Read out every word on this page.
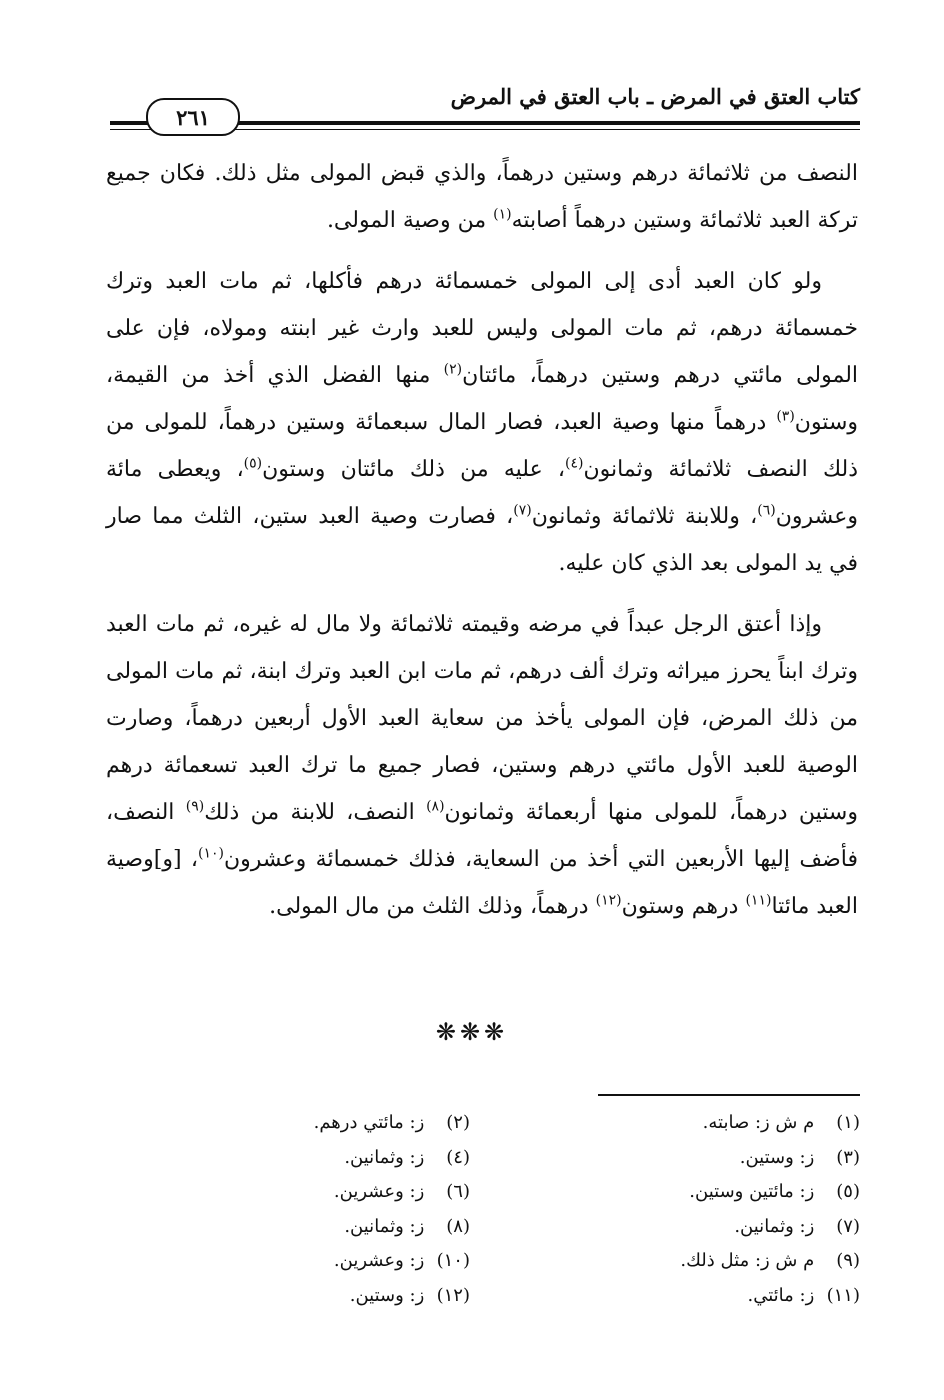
كتاب العتق في المرض ـ باب العتق في المرض
٢٦١

النصف من ثلاثمائة درهم وستين درهماً، والذي قبض المولى مثل ذلك. فكان جميع تركة العبد ثلاثمائة وستين درهماً أصابته$^{(١)}$ من وصية المولى.

ولو كان العبد أدى إلى المولى خمسمائة درهم فأكلها، ثم مات العبد وترك خمسمائة درهم، ثم مات المولى وليس للعبد وارث غير ابنته ومولاه، فإن على المولى مائتي درهم وستين درهماً، مائتان$^{(٢)}$ منها الفضل الذي أخذ من القيمة، وستون$^{(٣)}$ درهماً منها وصية العبد، فصار المال سبعمائة وستين درهماً، للمولى من ذلك النصف ثلاثمائة وثمانون$^{(٤)}$، عليه من ذلك مائتان وستون$^{(٥)}$، ويعطى مائة وعشرون$^{(٦)}$، وللابنة ثلاثمائة وثمانون$^{(٧)}$، فصارت وصية العبد ستين، الثلث مما صار في يد المولى بعد الذي كان عليه.

وإذا أعتق الرجل عبداً في مرضه وقيمته ثلاثمائة ولا مال له غيره، ثم مات العبد وترك ابناً يحرز ميراثه وترك ألف درهم، ثم مات ابن العبد وترك ابنة، ثم مات المولى من ذلك المرض، فإن المولى يأخذ من سعاية العبد الأول أربعين درهماً، وصارت الوصية للعبد الأول مائتي درهم وستين، فصار جميع ما ترك العبد تسعمائة درهم وستين درهماً، للمولى منها أربعمائة وثمانون$^{(٨)}$ النصف، للابنة من ذلك$^{(٩)}$ النصف، فأضف إليها الأربعين التي أخذ من السعاية، فذلك خمسمائة وعشرون$^{(١٠)}$، [و]وصية العبد مائتا$^{(١١)}$ درهم وستون$^{(١٢)}$ درهماً، وذلك الثلث من مال المولى.

❋❋❋
(١) م ش ز: صابته.
(٣) ز: وستين.
(٥) ز: مائتين وستين.
(٧) ز: وثمانين.
(٩) م ش ز: مثل ذلك.
(١١) ز: مائتي.
(٢) ز: مائتي درهم.
(٤) ز: وثمانين.
(٦) ز: وعشرين.
(٨) ز: وثمانين.
(١٠) ز: وعشرين.
(١٢) ز: وستين.
